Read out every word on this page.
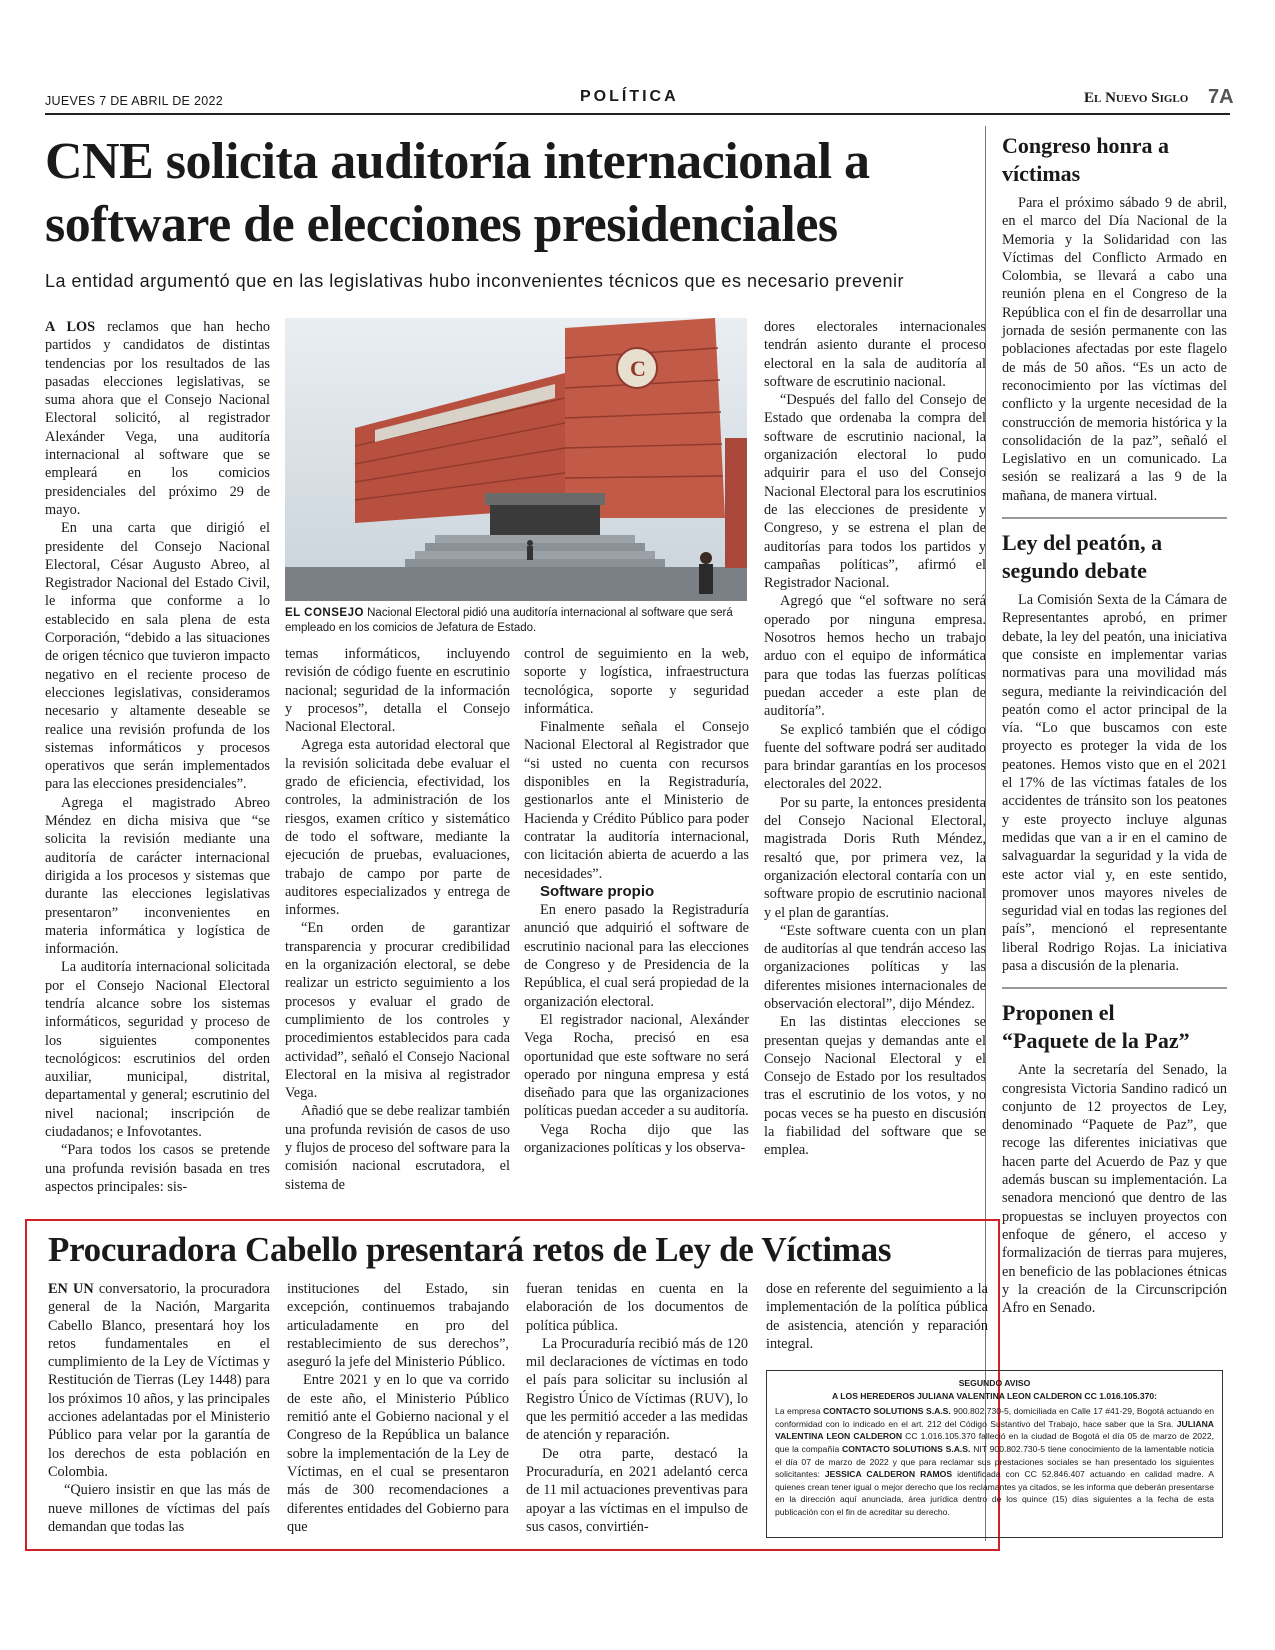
JUEVES 7 DE ABRIL DE 2022	POLÍTICA	El Nuevo Siglo 7A
CNE solicita auditoría internacional a software de elecciones presidenciales
La entidad argumentó que en las legislativas hubo inconvenientes técnicos que es necesario prevenir

A LOS reclamos que han hecho partidos y candidatos de distintas tendencias por los resultados de las pasadas elecciones legislativas, se suma ahora que el Consejo Nacional Electoral solicitó, al registrador Alexánder Vega, una auditoría internacional al software que se empleará en los comicios presidenciales del próximo 29 de mayo.

En una carta que dirigió el presidente del Consejo Nacional Electoral, César Augusto Abreo, al Registrador Nacional del Estado Civil, le informa que conforme a lo establecido en sala plena de esta Corporación, “debido a las situaciones de origen técnico que tuvieron impacto negativo en el reciente proceso de elecciones legislativas, consideramos necesario y altamente deseable se realice una revisión profunda de los sistemas informáticos y procesos operativos que serán implementados para las elecciones presidenciales”.

Agrega el magistrado Abreo Méndez en dicha misiva que “se solicita la revisión mediante una auditoría de carácter internacional dirigida a los procesos y sistemas que durante las elecciones legislativas presentaron” inconvenientes en materia informática y logística de información.

La auditoría internacional solicitada por el Consejo Nacional Electoral tendría alcance sobre los sistemas informáticos, seguridad y proceso de los siguientes componentes tecnológicos: escrutinios del orden auxiliar, municipal, distrital, departamental y general; escrutinio del nivel nacional; inscripción de ciudadanos; e Infovotantes.

“Para todos los casos se pretende una profunda revisión basada en tres aspectos principales: sis-

C
EL CONSEJO Nacional Electoral pidió una auditoría internacional al software que será empleado en los comicios de Jefatura de Estado.

temas informáticos, incluyendo revisión de código fuente en escrutinio nacional; seguridad de la información y procesos”, detalla el Consejo Nacional Electoral.

Agrega esta autoridad electoral que la revisión solicitada debe evaluar el grado de eficiencia, efectividad, los controles, la administración de los riesgos, examen crítico y sistemático de todo el software, mediante la ejecución de pruebas, evaluaciones, trabajo de campo por parte de auditores especializados y entrega de informes.

“En orden de garantizar transparencia y procurar credibilidad en la organización electoral, se debe realizar un estricto seguimiento a los procesos y evaluar el grado de cumplimiento de los controles y procedimientos establecidos para cada actividad”, señaló el Consejo Nacional Electoral en la misiva al registrador Vega.

Añadió que se debe realizar también una profunda revisión de casos de uso y flujos de proceso del software para la comisión nacional escrutadora, el sistema de

control de seguimiento en la web, soporte y logística, infraestructura tecnológica, soporte y seguridad informática.

Finalmente señala el Consejo Nacional Electoral al Registrador que “si usted no cuenta con recursos disponibles en la Registraduría, gestionarlos ante el Ministerio de Hacienda y Crédito Público para poder contratar la auditoría internacional, con licitación abierta de acuerdo a las necesidades”.

Software propio

En enero pasado la Registraduría anunció que adquirió el software de escrutinio nacional para las elecciones de Congreso y de Presidencia de la República, el cual será propiedad de la organización electoral.

El registrador nacional, Alexánder Vega Rocha, precisó en esa oportunidad que este software no será operado por ninguna empresa y está diseñado para que las organizaciones políticas puedan acceder a su auditoría.

Vega Rocha dijo que las organizaciones políticas y los observa-

dores electorales internacionales tendrán asiento durante el proceso electoral en la sala de auditoría al software de escrutinio nacional.

“Después del fallo del Consejo de Estado que ordenaba la compra del software de escrutinio nacional, la organización electoral lo pudo adquirir para el uso del Consejo Nacional Electoral para los escrutinios de las elecciones de presidente y Congreso, y se estrena el plan de auditorías para todos los partidos y campañas políticas”, afirmó el Registrador Nacional.

Agregó que “el software no será operado por ninguna empresa. Nosotros hemos hecho un trabajo arduo con el equipo de informática para que todas las fuerzas políticas puedan acceder a este plan de auditoría”.

Se explicó también que el código fuente del software podrá ser auditado para brindar garantías en los procesos electorales del 2022.

Por su parte, la entonces presidenta del Consejo Nacional Electoral, magistrada Doris Ruth Méndez, resaltó que, por primera vez, la organización electoral contaría con un software propio de escrutinio nacional y el plan de garantías.

“Este software cuenta con un plan de auditorías al que tendrán acceso las organizaciones políticas y las diferentes misiones internacionales de observación electoral”, dijo Méndez.

En las distintas elecciones se presentan quejas y demandas ante el Consejo Nacional Electoral y el Consejo de Estado por los resultados tras el escrutinio de los votos, y no pocas veces se ha puesto en discusión la fiabilidad del software que se emplea.

Congreso honra a víctimas

Para el próximo sábado 9 de abril, en el marco del Día Nacional de la Memoria y la Solidaridad con las Víctimas del Conflicto Armado en Colombia, se llevará a cabo una reunión plena en el Congreso de la República con el fin de desarrollar una jornada de sesión permanente con las poblaciones afectadas por este flagelo de más de 50 años. “Es un acto de reconocimiento por las víctimas del conflicto y la urgente necesidad de la construcción de memoria histórica y la consolidación de la paz”, señaló el Legislativo en un comunicado. La sesión se realizará a las 9 de la mañana, de manera virtual.

Ley del peatón, a segundo debate

La Comisión Sexta de la Cámara de Representantes aprobó, en primer debate, la ley del peatón, una iniciativa que consiste en implementar varias normativas para una movilidad más segura, mediante la reivindicación del peatón como el actor principal de la vía. “Lo que buscamos con este proyecto es proteger la vida de los peatones. Hemos visto que en el 2021 el 17% de las víctimas fatales de los accidentes de tránsito son los peatones y este proyecto incluye algunas medidas que van a ir en el camino de salvaguardar la seguridad y la vida de este actor vial y, en este sentido, promover unos mayores niveles de seguridad vial en todas las regiones del país”, mencionó el representante liberal Rodrigo Rojas. La iniciativa pasa a discusión de la plenaria.

Proponen el “Paquete de la Paz”

Ante la secretaría del Senado, la congresista Victoria Sandino radicó un conjunto de 12 proyectos de Ley, denominado “Paquete de Paz”, que recoge las diferentes iniciativas que hacen parte del Acuerdo de Paz y que además buscan su implementación. La senadora mencionó que dentro de las propuestas se incluyen proyectos con enfoque de género, el acceso y formalización de tierras para mujeres, en beneficio de las poblaciones étnicas y la creación de la Circunscripción Afro en Senado.

Procuradora Cabello presentará retos de Ley de Víctimas

EN UN conversatorio, la procuradora general de la Nación, Margarita Cabello Blanco, presentará hoy los retos fundamentales en el cumplimiento de la Ley de Víctimas y Restitución de Tierras (Ley 1448) para los próximos 10 años, y las principales acciones adelantadas por el Ministerio Público para velar por la garantía de los derechos de esta población en Colombia.

“Quiero insistir en que las más de nueve millones de víctimas del país demandan que todas las

instituciones del Estado, sin excepción, continuemos trabajando articuladamente en pro del restablecimiento de sus derechos”, aseguró la jefe del Ministerio Público.

Entre 2021 y en lo que va corrido de este año, el Ministerio Público remitió ante el Gobierno nacional y el Congreso de la República un balance sobre la implementación de la Ley de Víctimas, en el cual se presentaron más de 300 recomendaciones a diferentes entidades del Gobierno para que

fueran tenidas en cuenta en la elaboración de los documentos de política pública.

La Procuraduría recibió más de 120 mil declaraciones de víctimas en todo el país para solicitar su inclusión al Registro Único de Víctimas (RUV), lo que les permitió acceder a las medidas de atención y reparación.

De otra parte, destacó la Procuraduría, en 2021 adelantó cerca de 11 mil actuaciones preventivas para apoyar a las víctimas en el impulso de sus casos, convirtién-

dose en referente del seguimiento a la implementación de la política pública de asistencia, atención y reparación integral.

SEGUNDO AVISO
A LOS HEREDEROS JULIANA VALENTINA LEON CALDERON CC 1.016.105.370:
La empresa CONTACTO SOLUTIONS S.A.S. 900.802.730-5, domiciliada en Calle 17 #41-29, Bogotá actuando en conformidad con lo indicado en el art. 212 del Código Sustantivo del Trabajo, hace saber que la Sra. JULIANA VALENTINA LEON CALDERON CC 1.016.105.370 falleció en la ciudad de Bogotá el día 05 de marzo de 2022, que la compañía CONTACTO SOLUTIONS S.A.S. NIT 900.802.730-5 tiene conocimiento de la lamentable noticia el día 07 de marzo de 2022 y que para reclamar sus prestaciones sociales se han presentado los siguientes solicitantes: JESSICA CALDERON RAMOS identificada con CC 52.846.407 actuando en calidad madre. A quienes crean tener igual o mejor derecho que los reclamantes ya citados, se les informa que deberán presentarse en la dirección aquí anunciada, área jurídica dentro de los quince (15) días siguientes a la fecha de esta publicación con el fin de acreditar su derecho.
